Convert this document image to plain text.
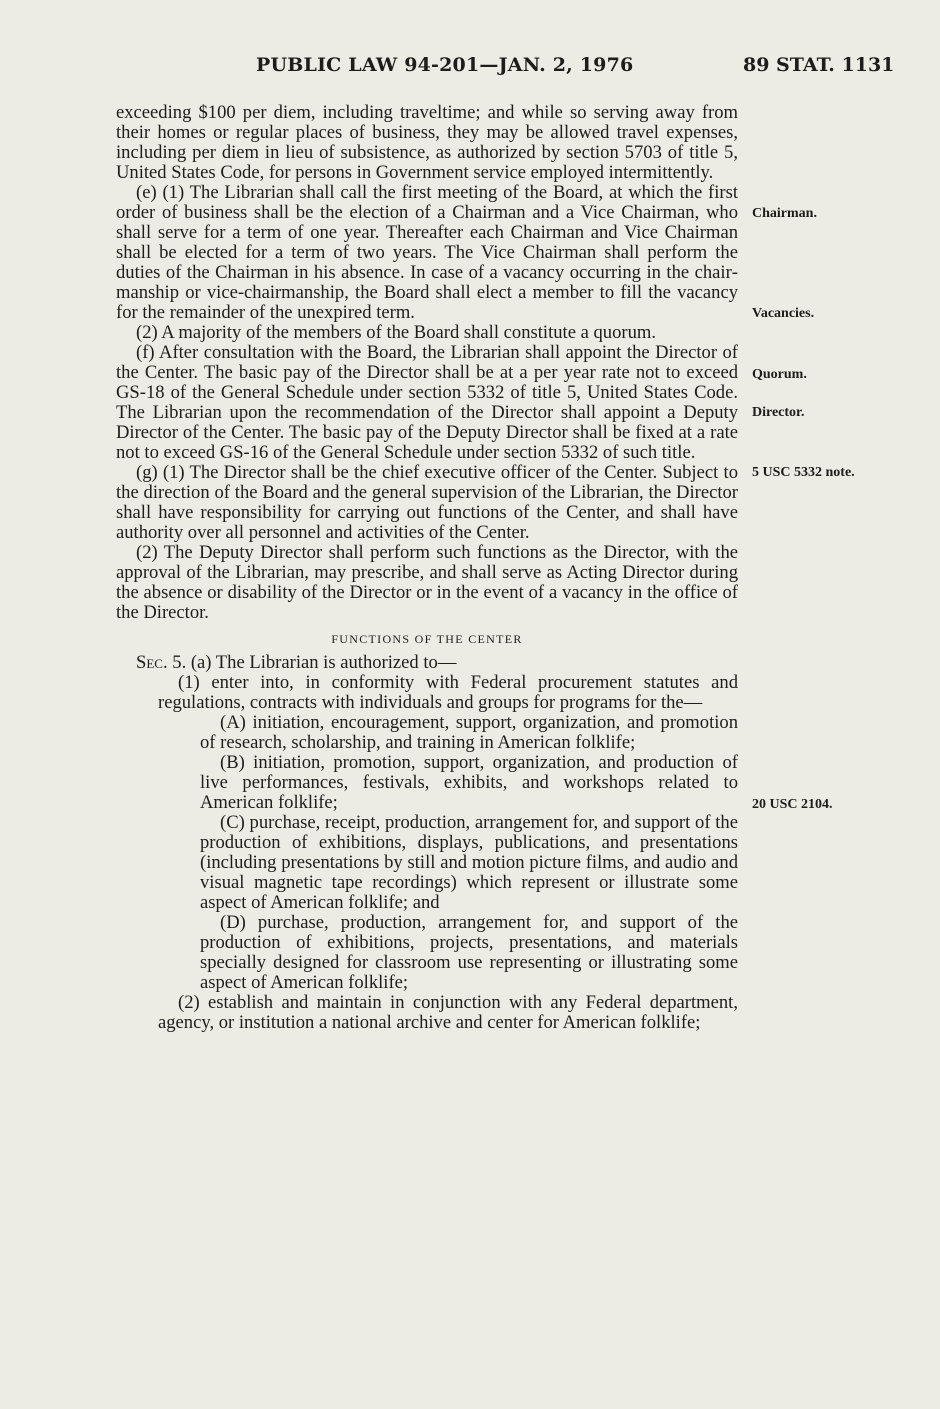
PUBLIC LAW 94-201—JAN. 2, 1976	89 STAT. 1131

exceeding $100 per diem, including traveltime; and while so serving away from their homes or regular places of business, they may be allowed travel expenses, including per diem in lieu of subsistence, as authorized by section 5703 of title 5, United States Code, for persons in Government service employed intermittently.

(e) (1) The Librarian shall call the first meeting of the Board, at which the first order of business shall be the election of a Chairman and a Vice Chairman, who shall serve for a term of one year. Thereafter each Chairman and Vice Chairman shall be elected for a term of two years. The Vice Chairman shall perform the duties of the Chairman in his absence. In case of a vacancy occurring in the chairmanship or vice-chairmanship, the Board shall elect a member to fill the vacancy for the remainder of the unexpired term.

(2) A majority of the members of the Board shall constitute a quorum.

(f) After consultation with the Board, the Librarian shall appoint the Director of the Center. The basic pay of the Director shall be at a per year rate not to exceed GS-18 of the General Schedule under section 5332 of title 5, United States Code. The Librarian upon the recommendation of the Director shall appoint a Deputy Director of the Center. The basic pay of the Deputy Director shall be fixed at a rate not to exceed GS-16 of the General Schedule under section 5332 of such title.

(g) (1) The Director shall be the chief executive officer of the Center. Subject to the direction of the Board and the general supervision of the Librarian, the Director shall have responsibility for carrying out functions of the Center, and shall have authority over all personnel and activities of the Center.

(2) The Deputy Director shall perform such functions as the Director, with the approval of the Librarian, may prescribe, and shall serve as Acting Director during the absence or disability of the Director or in the event of a vacancy in the office of the Director.

FUNCTIONS OF THE CENTER

Sec. 5. (a) The Librarian is authorized to—

(1) enter into, in conformity with Federal procurement statutes and regulations, contracts with individuals and groups for programs for the—

(A) initiation, encouragement, support, organization, and promotion of research, scholarship, and training in American folklife;

(B) initiation, promotion, support, organization, and production of live performances, festivals, exhibits, and workshops related to American folklife;

(C) purchase, receipt, production, arrangement for, and support of the production of exhibitions, displays, publications, and presentations (including presentations by still and motion picture films, and audio and visual magnetic tape recordings) which represent or illustrate some aspect of American folklife; and

(D) purchase, production, arrangement for, and support of the production of exhibitions, projects, presentations, and materials specially designed for classroom use representing or illustrating some aspect of American folklife;

(2) establish and maintain in conjunction with any Federal department, agency, or institution a national archive and center for American folklife;

Chairman.
Vacancies.
Quorum.
Director.
5 USC 5332 note.
20 USC 2104.
